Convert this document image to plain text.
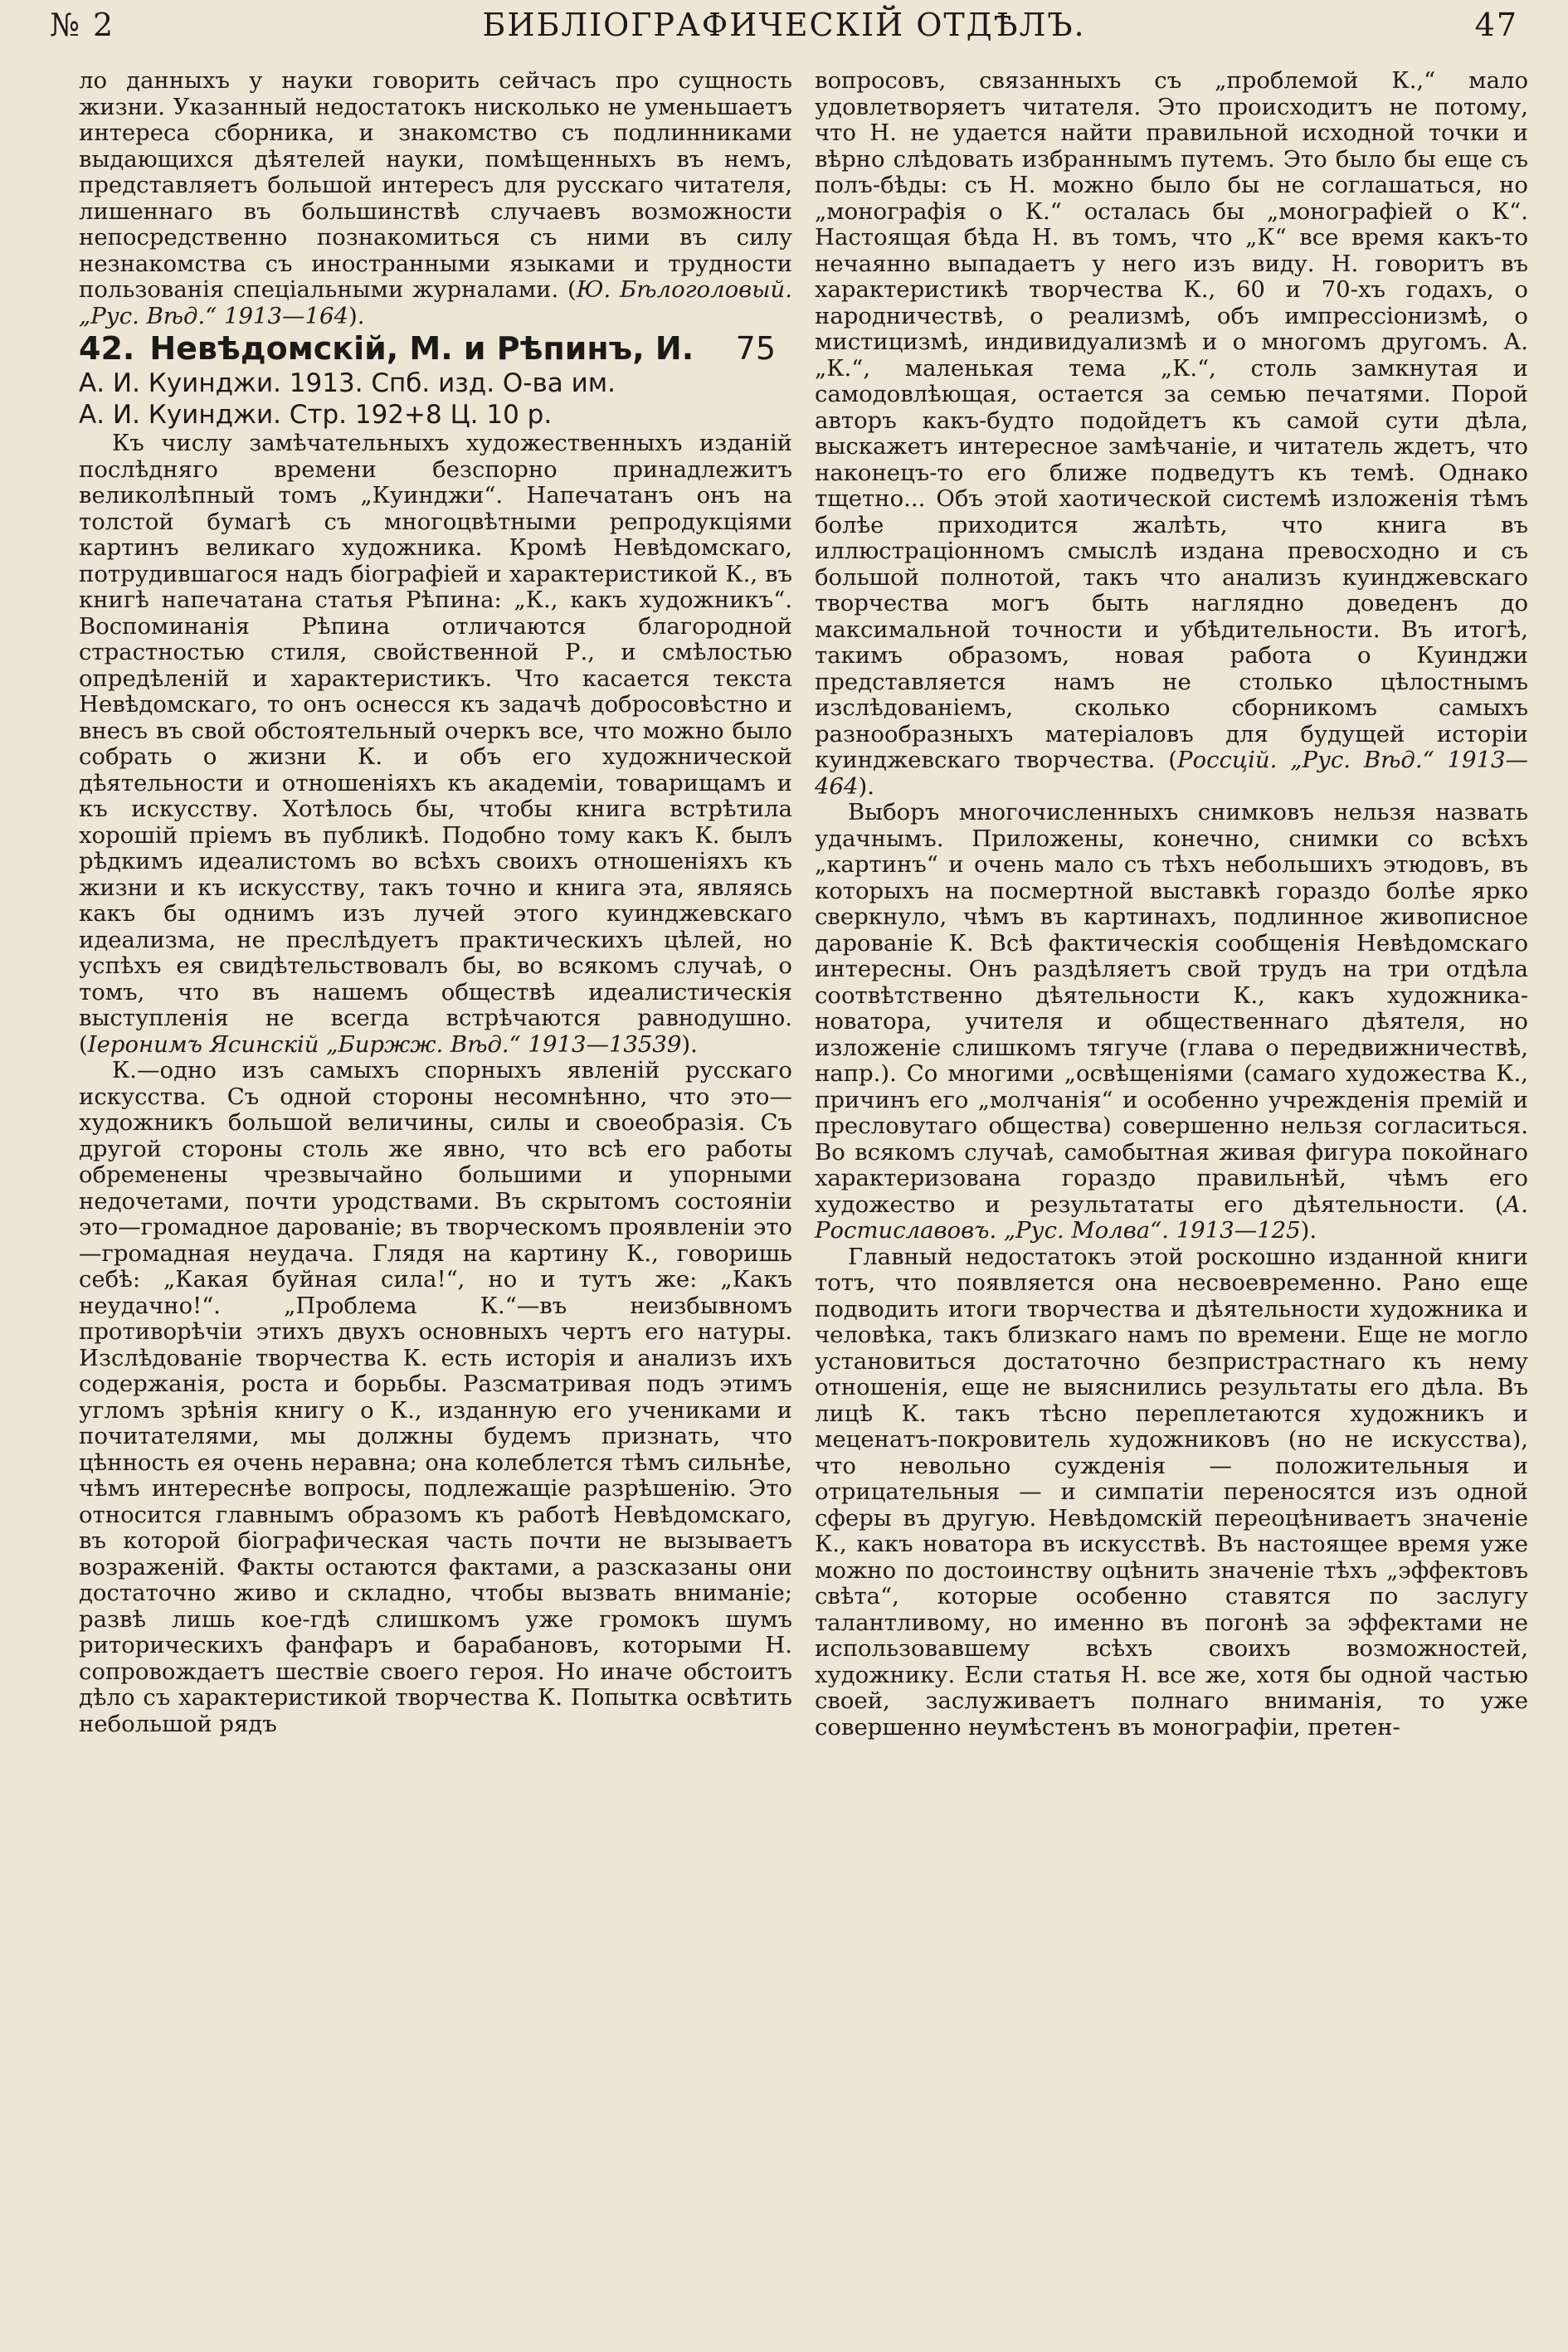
№ 2	БИБЛІОГРАФИЧЕСКІЙ ОТДѢЛЪ.	47

ло данныхъ у науки говорить сейчасъ про сущность жизни. Указанный недостатокъ нисколько не уменьшаетъ интереса сборника, и знакомство съ подлинниками выдающихся дѣятелей науки, помѣщенныхъ въ немъ, представляетъ большой интересъ для русскаго читателя, лишеннаго въ большинствѣ случаевъ возможности непосредственно познакомиться съ ними въ силу незнакомства съ иностранными языками и трудности пользованія спеціальными журналами. (Ю. Бѣлоголовый. „Рус. Вѣд.“ 1913—164).

42. Невѣдомскій, М. и Рѣпинъ, И. 75
А. И. Куинджи. 1913. Спб. изд. О-ва им.
А. И. Куинджи. Стр. 192+8 Ц. 10 р.

Къ числу замѣчательныхъ художественныхъ изданій послѣдняго времени безспорно принадлежитъ великолѣпный томъ „Куинджи“. Напечатанъ онъ на толстой бумагѣ съ многоцвѣтными репродукціями картинъ великаго художника. Кромѣ Невѣдомскаго, потрудившагося надъ біографіей и характеристикой К., въ книгѣ напечатана статья Рѣпина: „К., какъ художникъ“. Воспоминанія Рѣпина отличаются благородной страстностью стиля, свойственной Р., и смѣлостью опредѣленій и характеристикъ. Что касается текста Невѣдомскаго, то онъ оснесся къ задачѣ добросовѣстно и внесъ въ свой обстоятельный очеркъ все, что можно было собрать о жизни К. и объ его художнической дѣятельности и отношеніяхъ къ академіи, товарищамъ и къ искусству. Хотѣлось бы, чтобы книга встрѣтила хорошій пріемъ въ публикѣ. Подобно тому какъ К. былъ рѣдкимъ идеалистомъ во всѣхъ своихъ отношеніяхъ къ жизни и къ искусству, такъ точно и книга эта, являясь какъ бы однимъ изъ лучей этого куинджевскаго идеализма, не преслѣдуетъ практическихъ цѣлей, но успѣхъ ея свидѣтельствовалъ бы, во всякомъ случаѣ, о томъ, что въ нашемъ обществѣ идеалистическія выступленія не всегда встрѣчаются равнодушно. (Іеронимъ Ясинскій „Биржж. Вѣд.“ 1913—13539).

К.—одно изъ самыхъ спорныхъ явленій русскаго искусства. Съ одной стороны несомнѣнно, что это—художникъ большой величины, силы и своеобразія. Съ другой стороны столь же явно, что всѣ его работы обременены чрезвычайно большими и упорными недочетами, почти уродствами. Въ скрытомъ состояніи это—громадное дарованіе; въ творческомъ проявленіи это—громадная неудача. Глядя на картину К., говоришь себѣ: „Какая буйная сила!“, но и тутъ же: „Какъ неудачно!“. „Проблема К.“—въ неизбывномъ противорѣчіи этихъ двухъ основныхъ чертъ его натуры. Изслѣдованіе творчества К. есть исторія и анализъ ихъ содержанія, роста и борьбы. Разсматривая подъ этимъ угломъ зрѣнія книгу о К., изданную его учениками и почитателями, мы должны будемъ признать, что цѣнность ея очень неравна; она колеблется тѣмъ сильнѣе, чѣмъ интереснѣе вопросы, подлежащіе разрѣшенію. Это относится главнымъ образомъ къ работѣ Невѣдомскаго, въ которой біографическая часть почти не вызываетъ возраженій. Факты остаются фактами, а разсказаны они достаточно живо и складно, чтобы вызвать вниманіе; развѣ лишь кое-гдѣ слишкомъ уже громокъ шумъ риторическихъ фанфаръ и барабановъ, которыми Н. сопровождаетъ шествіе своего героя. Но иначе обстоитъ дѣло съ характеристикой творчества К. Попытка освѣтить небольшой рядъ

вопросовъ, связанныхъ съ „проблемой К.,“ мало удовлетворяетъ читателя. Это происходитъ не потому, что Н. не удается найти правильной исходной точки и вѣрно слѣдовать избраннымъ путемъ. Это было бы еще съ полъ-бѣды: съ Н. можно было бы не соглашаться, но „монографія о К.“ осталась бы „монографіей о К“. Настоящая бѣда Н. въ томъ, что „К“ все время какъ-то нечаянно выпадаетъ у него изъ виду. Н. говоритъ въ характеристикѣ творчества К., 60 и 70-хъ годахъ, о народничествѣ, о реализмѣ, объ импрессіонизмѣ, о мистицизмѣ, индивидуализмѣ и о многомъ другомъ. А. „К.“, маленькая тема „К.“, столь замкнутая и самодовлѣющая, остается за семью печатями. Порой авторъ какъ-будто подойдетъ къ самой сути дѣла, выскажетъ интересное замѣчаніе, и читатель ждетъ, что наконецъ-то его ближе подведутъ къ темѣ. Однако тщетно... Объ этой хаотической системѣ изложенія тѣмъ болѣе приходится жалѣть, что книга въ иллюстраціонномъ смыслѣ издана превосходно и съ большой полнотой, такъ что анализъ куинджевскаго творчества могъ быть наглядно доведенъ до максимальной точности и убѣдительности. Въ итогѣ, такимъ образомъ, новая работа о Куинджи представляется намъ не столько цѣлостнымъ изслѣдованіемъ, сколько сборникомъ самыхъ разнообразныхъ матеріаловъ для будущей исторіи куинджевскаго творчества. (Россцій. „Рус. Вѣд.“ 1913—464).

Выборъ многочисленныхъ снимковъ нельзя назвать удачнымъ. Приложены, конечно, снимки со всѣхъ „картинъ“ и очень мало съ тѣхъ небольшихъ этюдовъ, въ которыхъ на посмертной выставкѣ гораздо болѣе ярко сверкнуло, чѣмъ въ картинахъ, подлинное живописное дарованіе К. Всѣ фактическія сообщенія Невѣдомскаго интересны. Онъ раздѣляетъ свой трудъ на три отдѣла соотвѣтственно дѣятельности К., какъ художника-новатора, учителя и общественнаго дѣятеля, но изложеніе слишкомъ тягуче (глава о передвижничествѣ, напр.). Со многими „освѣщеніями (самаго художества К., причинъ его „молчанія“ и особенно учрежденія премій и пресловутаго общества) совершенно нельзя согласиться. Во всякомъ случаѣ, самобытная живая фигура покойнаго характеризована гораздо правильнѣй, чѣмъ его художество и результататы его дѣятельности. (А. Ростиславовъ. „Рус. Молва“. 1913—125).

Главный недостатокъ этой роскошно изданной книги тотъ, что появляется она несвоевременно. Рано еще подводить итоги творчества и дѣятельности художника и человѣка, такъ близкаго намъ по времени. Еще не могло установиться достаточно безпристрастнаго къ нему отношенія, еще не выяснились результаты его дѣла. Въ лицѣ К. такъ тѣсно переплетаются художникъ и меценатъ-покровитель художниковъ (но не искусства), что невольно сужденія — положительныя и отрицательныя — и симпатіи переносятся изъ одной сферы въ другую. Невѣдомскій переоцѣниваетъ значеніе К., какъ новатора въ искусствѣ. Въ настоящее время уже можно по достоинству оцѣнить значеніе тѣхъ „эффектовъ свѣта“, которые особенно ставятся по заслугу талантливому, но именно въ погонѣ за эффектами не использовавшему всѣхъ своихъ возможностей, художнику. Если статья Н. все же, хотя бы одной частью своей, заслуживаетъ полнаго вниманія, то уже совершенно неумѣстенъ въ монографіи, претен-
